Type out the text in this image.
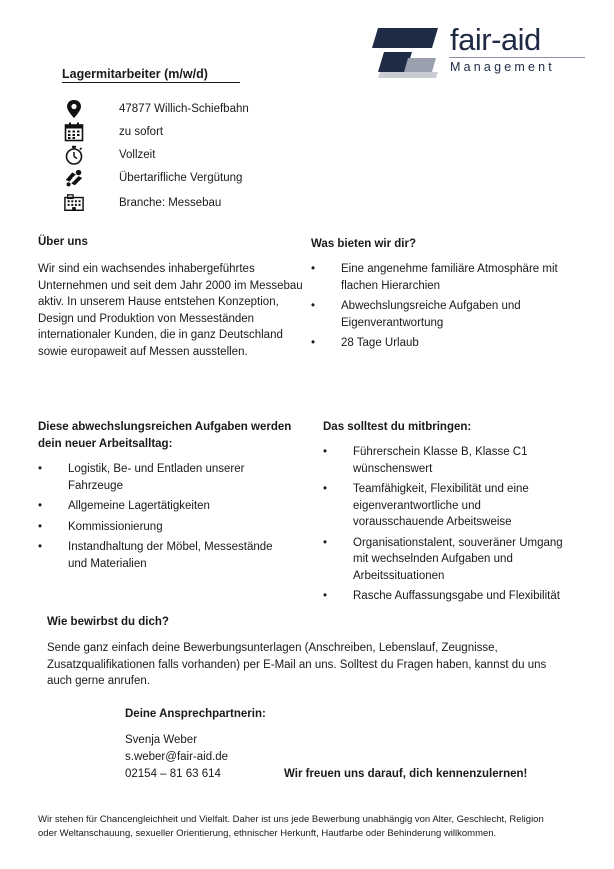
fair-aid
Management
Lagermitarbeiter (m/w/d)
47877 Willich-Schiefbahn
zu sofort
Vollzeit
Übertarifliche Vergütung
Branche: Messebau
Über uns
Wir sind ein wachsendes inhabergeführtes Unternehmen und seit dem Jahr 2000 im Messebau aktiv. In unserem Hause entstehen Konzeption, Design und Produktion von Messeständen internationaler Kunden, die in ganz Deutschland sowie europaweit auf Messen ausstellen.
Was bieten wir dir?
• Eine angenehme familiäre Atmosphäre mit flachen Hierarchien
• Abwechslungsreiche Aufgaben und Eigenverantwortung
• 28 Tage Urlaub
Diese abwechslungsreichen Aufgaben werden dein neuer Arbeitsalltag:
• Logistik, Be- und Entladen unserer Fahrzeuge
• Allgemeine Lagertätigkeiten
• Kommissionierung
• Instandhaltung der Möbel, Messestände und Materialien
Das solltest du mitbringen:
• Führerschein Klasse B, Klasse C1 wünschenswert
• Teamfähigkeit, Flexibilität und eine eigenverantwortliche und vorausschauende Arbeitsweise
• Organisationstalent, souveräner Umgang mit wechselnden Aufgaben und Arbeitssituationen
• Rasche Auffassungsgabe und Flexibilität
Wie bewirbst du dich?
Sende ganz einfach deine Bewerbungsunterlagen (Anschreiben, Lebenslauf, Zeugnisse, Zusatzqualifikationen falls vorhanden) per E-Mail an uns. Solltest du Fragen haben, kannst du uns auch gerne anrufen.
Deine Ansprechpartnerin:
Svenja Weber
s.weber@fair-aid.de
02154 – 81 63 614	Wir freuen uns darauf, dich kennenzulernen!
Wir stehen für Chancengleichheit und Vielfalt. Daher ist uns jede Bewerbung unabhängig von Alter, Geschlecht, Religion oder Weltanschauung, sexueller Orientierung, ethnischer Herkunft, Hautfarbe oder Behinderung willkommen.
